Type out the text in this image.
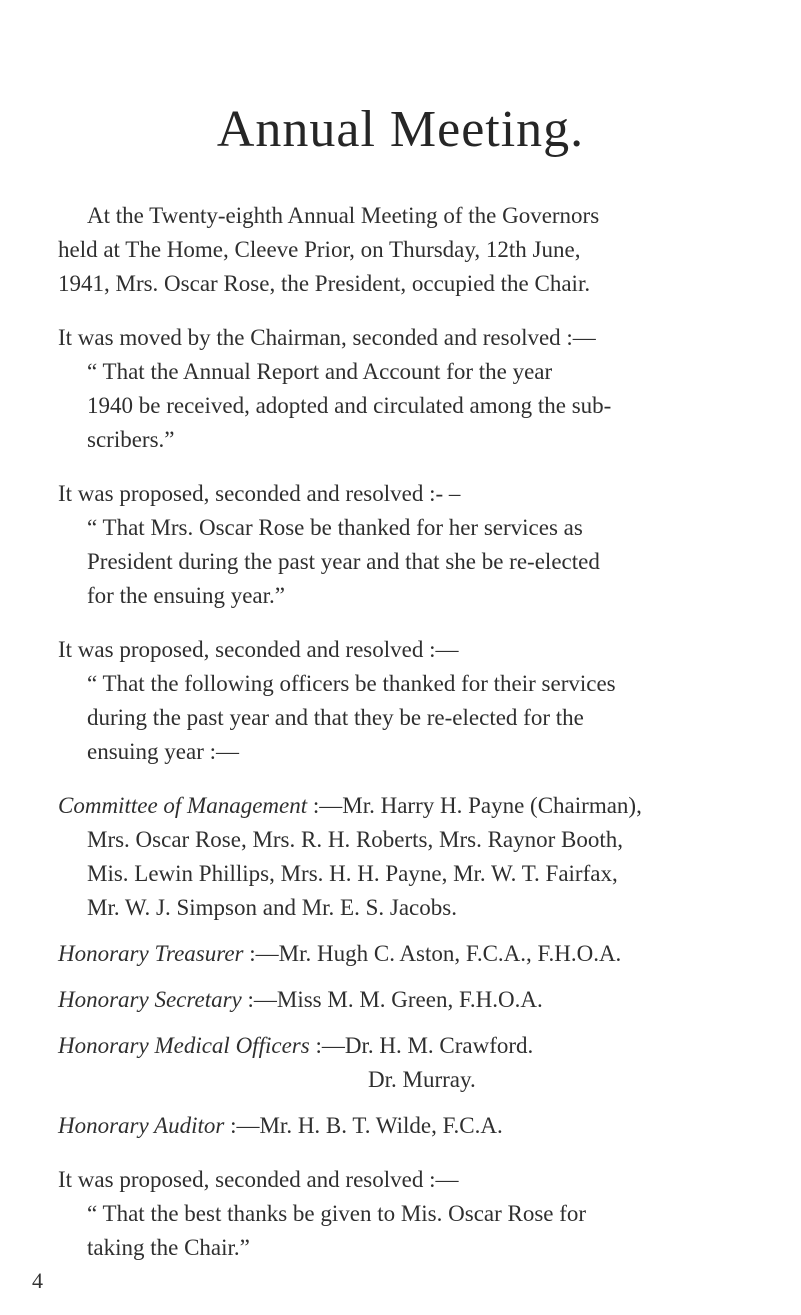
Annual Meeting.

At the Twenty-eighth Annual Meeting of the Governors

held at The Home, Cleeve Prior, on Thursday, 12th June,

1941, Mrs. Oscar Rose, the President, occupied the Chair.

It was moved by the Chairman, seconded and resolved :—

“ That the Annual Report and Account for the year

1940 be received, adopted and circulated among the sub-

scribers.”

It was proposed, seconded and resolved :- –

“ That Mrs. Oscar Rose be thanked for her services as

President during the past year and that she be re-elected

for the ensuing year.”

It was proposed, seconded and resolved :—

“ That the following officers be thanked for their services

during the past year and that they be re-elected for the

ensuing year :—

Committee of Management :—Mr. Harry H. Payne (Chairman),

Mrs. Oscar Rose, Mrs. R. H. Roberts, Mrs. Raynor Booth,

Mis. Lewin Phillips, Mrs. H. H. Payne, Mr. W. T. Fairfax,

Mr. W. J. Simpson and Mr. E. S. Jacobs.

Honorary Treasurer :—Mr. Hugh C. Aston, F.C.A., F.H.O.A.

Honorary Secretary :—Miss M. M. Green, F.H.O.A.

Honorary Medical Officers :—Dr. H. M. Crawford.

Dr. Murray.

Honorary Auditor :—Mr. H. B. T. Wilde, F.C.A.

It was proposed, seconded and resolved :—

“ That the best thanks be given to Mis. Oscar Rose for

taking the Chair.”

4
